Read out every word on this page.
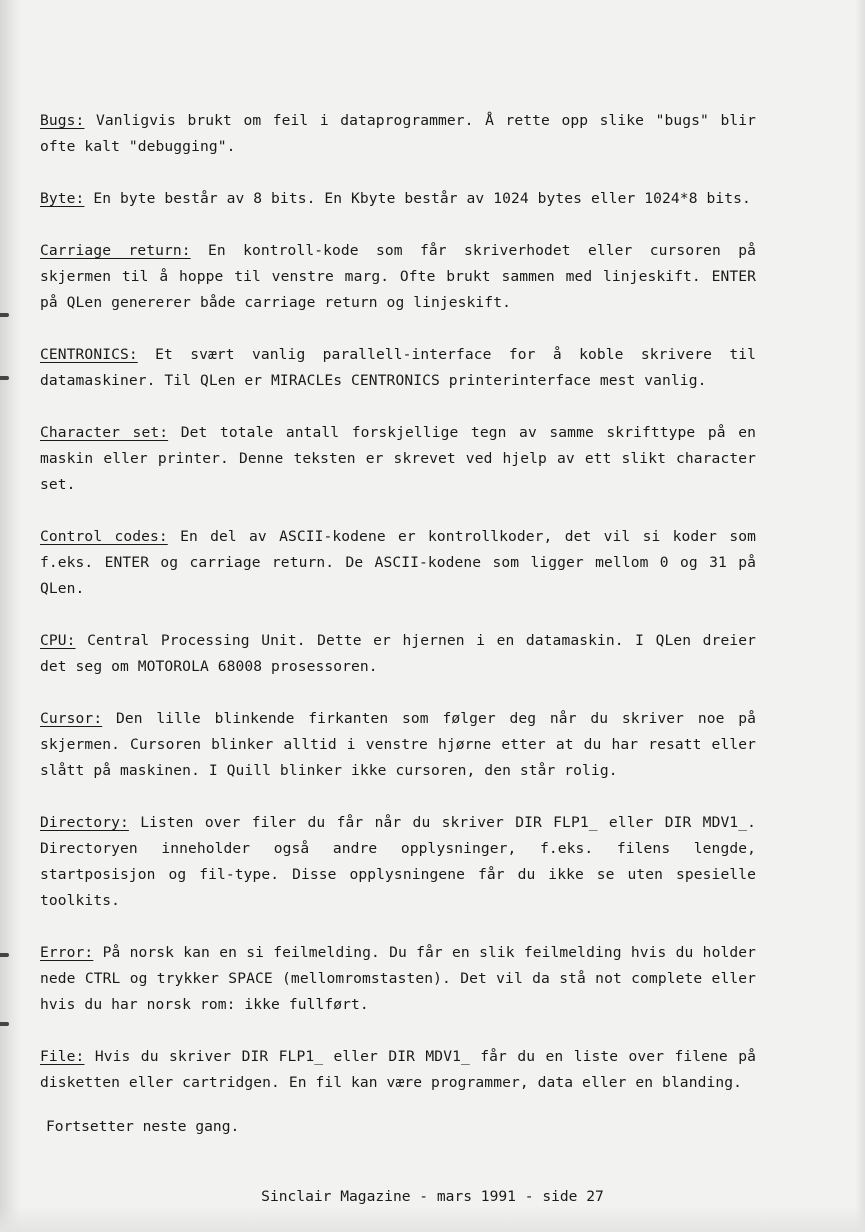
Bugs: Vanligvis brukt om feil i dataprogrammer. Å rette opp slike "bugs" blir ofte kalt "debugging".

Byte: En byte består av 8 bits. En Kbyte består av 1024 bytes eller 1024*8 bits.

Carriage return: En kontroll-kode som får skriverhodet eller cursoren på skjermen til å hoppe til venstre marg. Ofte brukt sammen med linjeskift. ENTER på QLen genererer både carriage return og linjeskift.

CENTRONICS: Et svært vanlig parallell-interface for å koble skrivere til datamaskiner. Til QLen er MIRACLEs CENTRONICS printerinterface mest vanlig.

Character set: Det totale antall forskjellige tegn av samme skrifttype på en maskin eller printer. Denne teksten er skrevet ved hjelp av ett slikt character set.

Control codes: En del av ASCII-kodene er kontrollkoder, det vil si koder som f.eks. ENTER og carriage return. De ASCII-kodene som ligger mellom 0 og 31 på QLen.

CPU: Central Processing Unit. Dette er hjernen i en datamaskin. I QLen dreier det seg om MOTOROLA 68008 prosessoren.

Cursor: Den lille blinkende firkanten som følger deg når du skriver noe på skjermen. Cursoren blinker alltid i venstre hjørne etter at du har resatt eller slått på maskinen. I Quill blinker ikke cursoren, den står rolig.

Directory: Listen over filer du får når du skriver DIR FLP1_ eller DIR MDV1_. Directoryen inneholder også andre opplysninger, f.eks. filens lengde, startposisjon og fil-type. Disse opplysningene får du ikke se uten spesielle toolkits.

Error: På norsk kan en si feilmelding. Du får en slik feilmelding hvis du holder nede CTRL og trykker SPACE (mellomromstasten). Det vil da stå not complete eller hvis du har norsk rom: ikke fullført.

File: Hvis du skriver DIR FLP1_ eller DIR MDV1_ får du en liste over filene på disketten eller cartridgen. En fil kan være programmer, data eller en blanding.

Fortsetter neste gang.
Sinclair Magazine - mars 1991 - side 27
